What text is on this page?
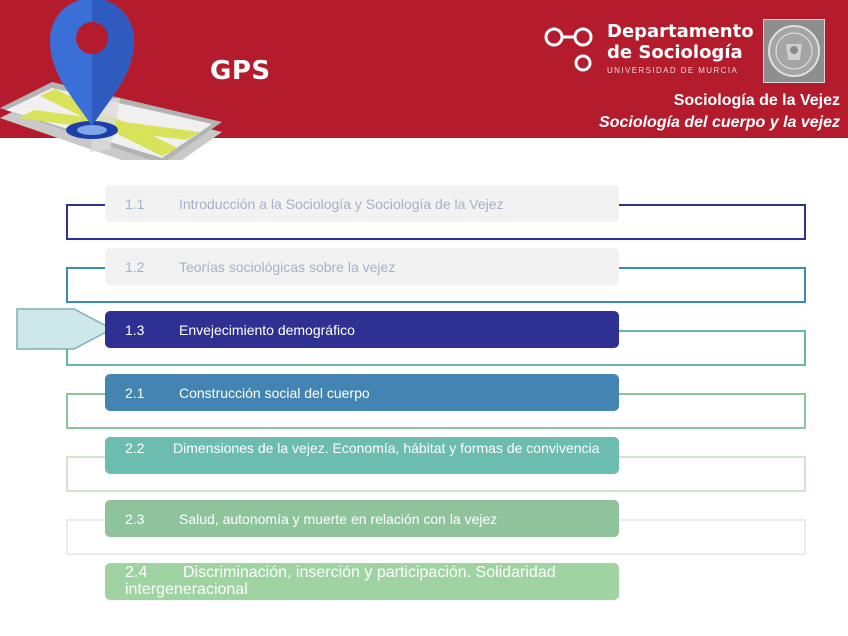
GPS
Departamento
de Sociología
UNIVERSIDAD DE MURCIA
Sociología de la Vejez
Sociología del cuerpo y la vejez
1.1	Introducción a la Sociología y Sociología de la Vejez
1.2	Teorías sociológicas sobre la vejez
1.3	Envejecimiento demográfico
2.1	Construcción social del cuerpo
2.2 Dimensiones de la vejez. Economía, hábitat y formas de convivencia
2.3	Salud, autonomía y muerte en relación con la vejez
2.4 Discriminación, inserción y participación. Solidaridad intergeneracional
